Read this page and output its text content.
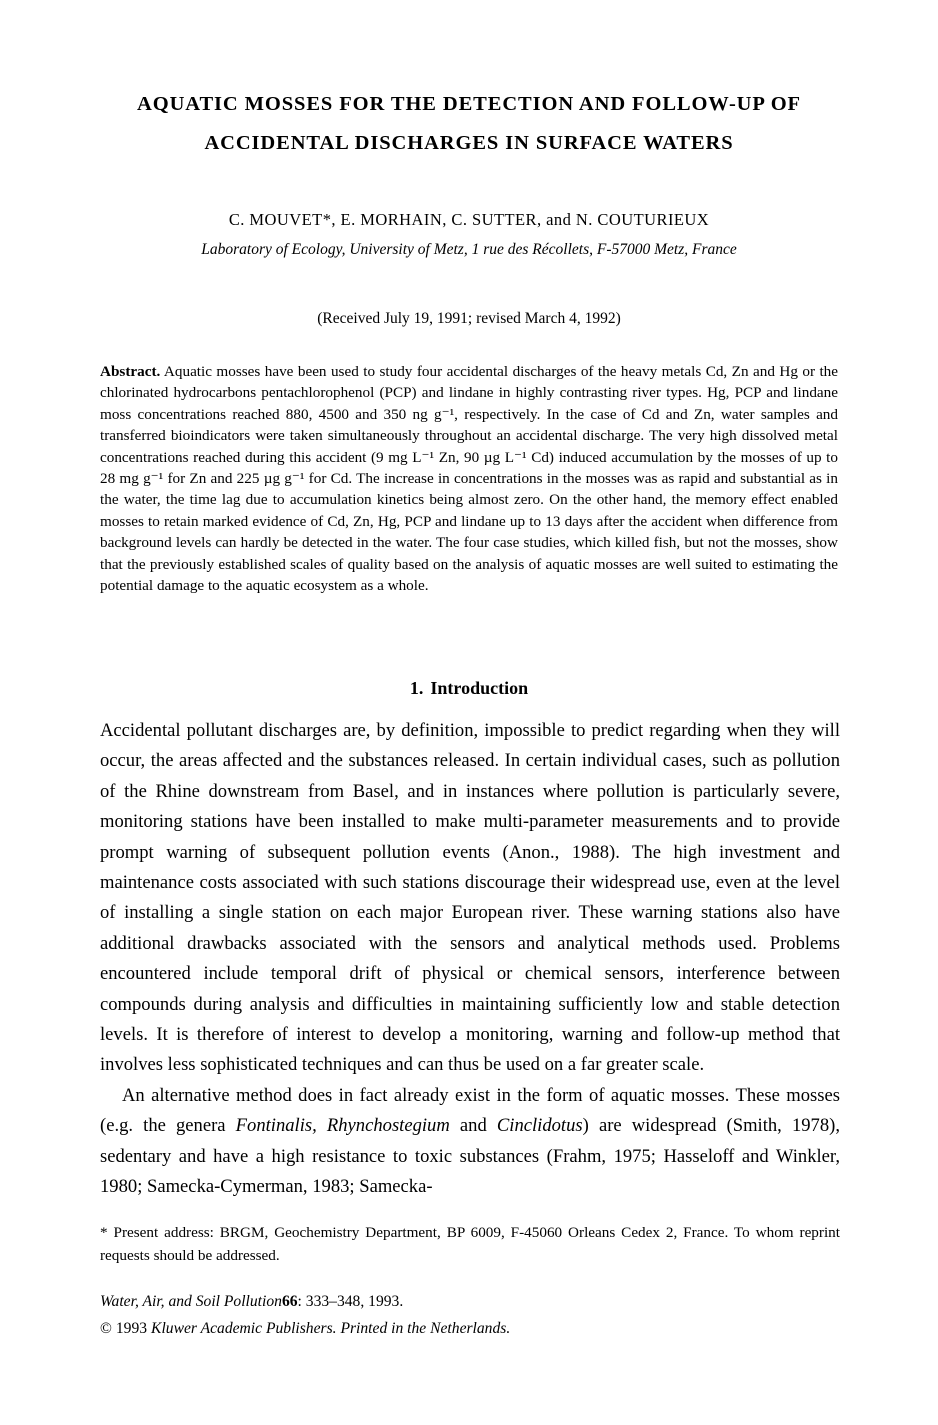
AQUATIC MOSSES FOR THE DETECTION AND FOLLOW-UP OF
ACCIDENTAL DISCHARGES IN SURFACE WATERS
C. MOUVET*, E. MORHAIN, C. SUTTER, and N. COUTURIEUX
Laboratory of Ecology, University of Metz, 1 rue des Récollets, F-57000 Metz, France
(Received July 19, 1991; revised March 4, 1992)
Abstract. Aquatic mosses have been used to study four accidental discharges of the heavy metals Cd, Zn and Hg or the chlorinated hydrocarbons pentachlorophenol (PCP) and lindane in highly contrasting river types. Hg, PCP and lindane moss concentrations reached 880, 4500 and 350 ng g⁻¹, respectively. In the case of Cd and Zn, water samples and transferred bioindicators were taken simultaneously throughout an accidental discharge. The very high dissolved metal concentrations reached during this accident (9 mg L⁻¹ Zn, 90 µg L⁻¹ Cd) induced accumulation by the mosses of up to 28 mg g⁻¹ for Zn and 225 µg g⁻¹ for Cd. The increase in concentrations in the mosses was as rapid and substantial as in the water, the time lag due to accumulation kinetics being almost zero. On the other hand, the memory effect enabled mosses to retain marked evidence of Cd, Zn, Hg, PCP and lindane up to 13 days after the accident when difference from background levels can hardly be detected in the water. The four case studies, which killed fish, but not the mosses, show that the previously established scales of quality based on the analysis of aquatic mosses are well suited to estimating the potential damage to the aquatic ecosystem as a whole.
1. Introduction

Accidental pollutant discharges are, by definition, impossible to predict regarding when they will occur, the areas affected and the substances released. In certain individual cases, such as pollution of the Rhine downstream from Basel, and in instances where pollution is particularly severe, monitoring stations have been installed to make multi-parameter measurements and to provide prompt warning of subsequent pollution events (Anon., 1988). The high investment and maintenance costs associated with such stations discourage their widespread use, even at the level of installing a single station on each major European river. These warning stations also have additional drawbacks associated with the sensors and analytical methods used. Problems encountered include temporal drift of physical or chemical sensors, interference between compounds during analysis and difficulties in maintaining sufficiently low and stable detection levels. It is therefore of interest to develop a monitoring, warning and follow-up method that involves less sophisticated techniques and can thus be used on a far greater scale.

An alternative method does in fact already exist in the form of aquatic mosses. These mosses (e.g. the genera Fontinalis, Rhynchostegium and Cinclidotus) are widespread (Smith, 1978), sedentary and have a high resistance to toxic substances (Frahm, 1975; Hasseloff and Winkler, 1980; Samecka-Cymerman, 1983; Samecka-

* Present address: BRGM, Geochemistry Department, BP 6009, F-45060 Orleans Cedex 2, France. To whom reprint requests should be addressed.
Water, Air, and Soil Pollution66: 333–348, 1993.
© 1993 Kluwer Academic Publishers. Printed in the Netherlands.
